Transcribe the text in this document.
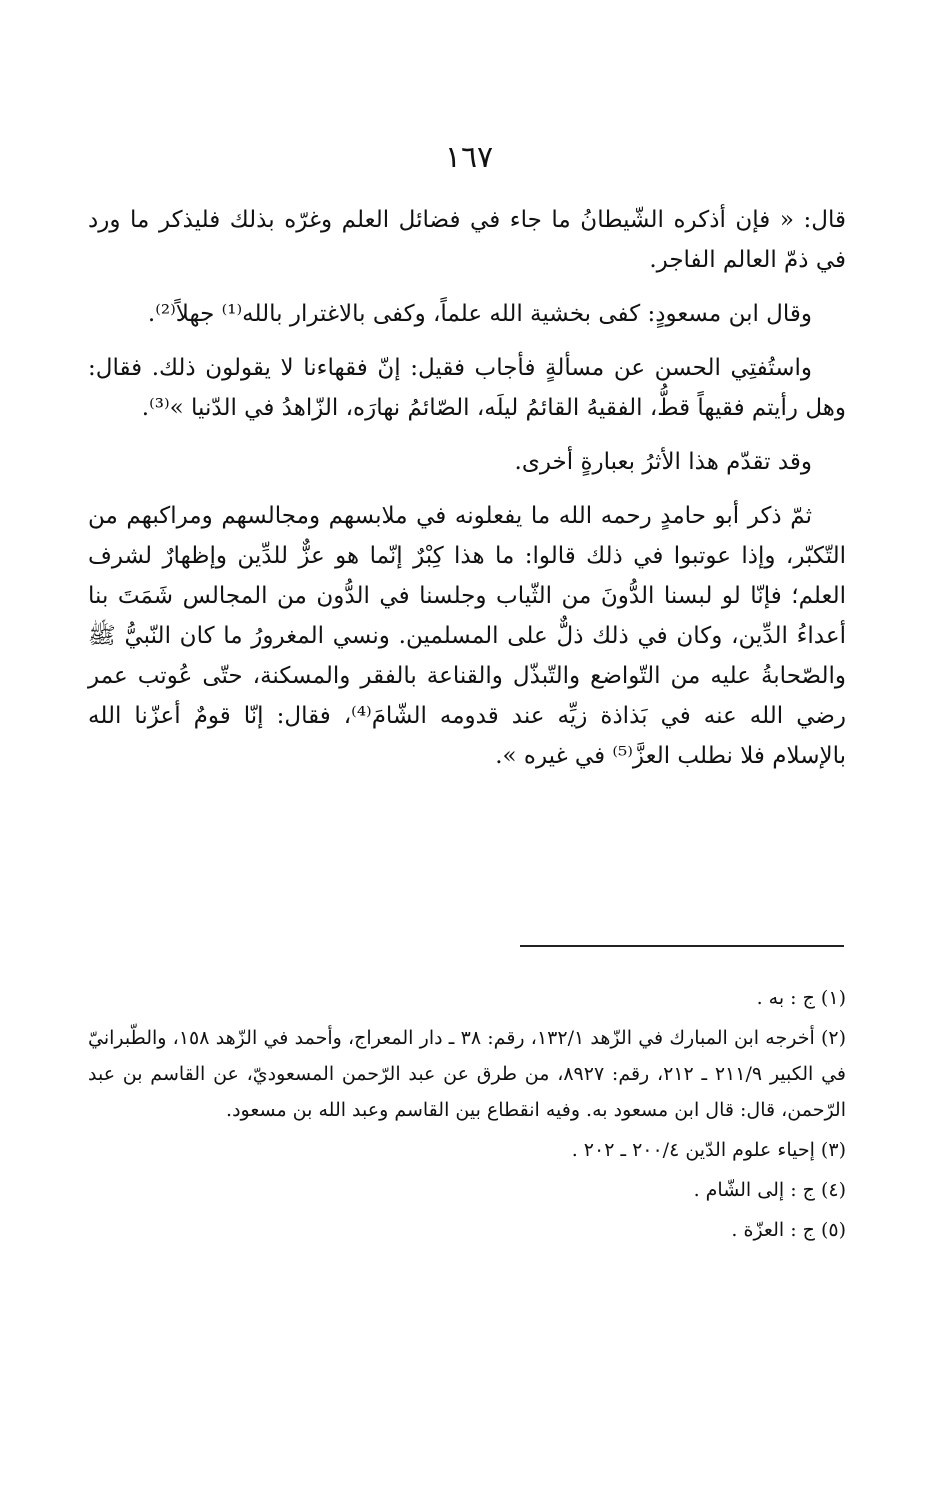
١٦٧

قال: « فإن أذكره الشّيطانُ ما جاء في فضائل العلم وغرّه بذلك فليذكر ما ورد في ذمّ العالم الفاجر.

وقال ابن مسعودٍ: كفى بخشية الله علماً، وكفى بالاغترار بالله⁽¹⁾ جهلاً⁽²⁾.

واستُفتِي الحسن عن مسألةٍ فأجاب فقيل: إنّ فقهاءنا لا يقولون ذلك. فقال: وهل رأيتم فقيهاً قطُّ، الفقيهُ القائمُ ليلَه، الصّائمُ نهارَه، الزّاهدُ في الدّنيا »⁽³⁾.

وقد تقدّم هذا الأثرُ بعبارةٍ أخرى.

ثمّ ذكر أبو حامدٍ رحمه الله ما يفعلونه في ملابسهم ومجالسهم ومراكبهم من التّكبّر، وإذا عوتبوا في ذلك قالوا: ما هذا كِبْرٌ إنّما هو عزٌّ للدِّين وإظهارٌ لشرف العلم؛ فإنّا لو لبسنا الدُّونَ من الثّياب وجلسنا في الدُّون من المجالس شَمَتَ بنا أعداءُ الدِّين، وكان في ذلك ذلٌّ على المسلمين. ونسي المغرورُ ما كان النّبيُّ ﷺ والصّحابةُ عليه من التّواضع والتّبذّل والقناعة بالفقر والمسكنة، حتّى عُوتب عمر رضي الله عنه في بَذاذة زيِّه عند قدومه الشّامَ⁽⁴⁾، فقال: إنّا قومٌ أعزّنا الله بالإسلام فلا نطلب العزَّ⁽⁵⁾ في غيره ».

(١) ج : به .

(٢) أخرجه ابن المبارك في الزّهد ١٣٢/١، رقم: ٣٨ ـ دار المعراج، وأحمد في الزّهد ١٥٨، والطّبرانيّ في الكبير ٢١١/٩ ـ ٢١٢، رقم: ٨٩٢٧، من طرق عن عبد الرّحمن المسعوديّ، عن القاسم بن عبد الرّحمن، قال: قال ابن مسعود به. وفيه انقطاع بين القاسم وعبد الله بن مسعود.

(٣) إحياء علوم الدّين ٢٠٠/٤ ـ ٢٠٢ .

(٤) ج : إلى الشّام .

(٥) ج : العزّة .
